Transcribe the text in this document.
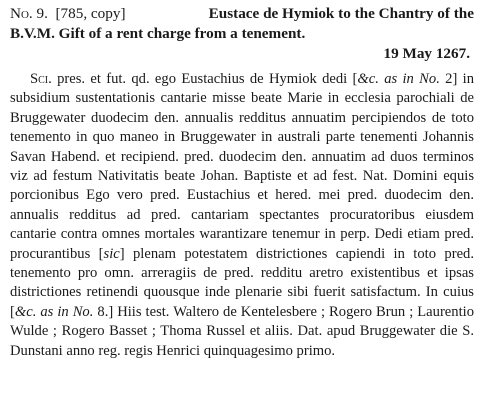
No. 9. [785, copy]	Eustace de Hymiok to the Chantry of the
B.V.M. Gift of a rent charge from a tenement.
19 May 1267.

Sci. pres. et fut. qd. ego Eustachius de Hymiok dedi [&c. as in No. 2] in subsidium sustentationis cantarie misse beate Marie in ecclesia parochiali de Bruggewater duodecim den. annualis redditus annuatim percipiendos de toto tenemento in quo maneo in Bruggewater in australi parte tenementi Johannis Savan Habend. et recipiend. pred. duodecim den. annuatim ad duos terminos viz ad festum Nativitatis beate Johan. Baptiste et ad fest. Nat. Domini equis porcionibus Ego vero pred. Eustachius et hered. mei pred. duodecim den. annualis redditus ad pred. cantariam spectantes procuratoribus eiusdem cantarie contra omnes mortales warantizare tenemur in perp. Dedi etiam pred. procurantibus [sic] plenam potestatem districtiones capiendi in toto pred. tenemento pro omn. arreragiis de pred. redditu aretro existentibus et ipsas districtiones retinendi quousque inde plenarie sibi fuerit satisfactum. In cuius [&c. as in No. 8.] Hiis test. Waltero de Kentelesbere ; Rogero Brun ; Laurentio Wulde ; Rogero Basset ; Thoma Russel et aliis. Dat. apud Bruggewater die S. Dunstani anno reg. regis Henrici quinquagesimo primo.
